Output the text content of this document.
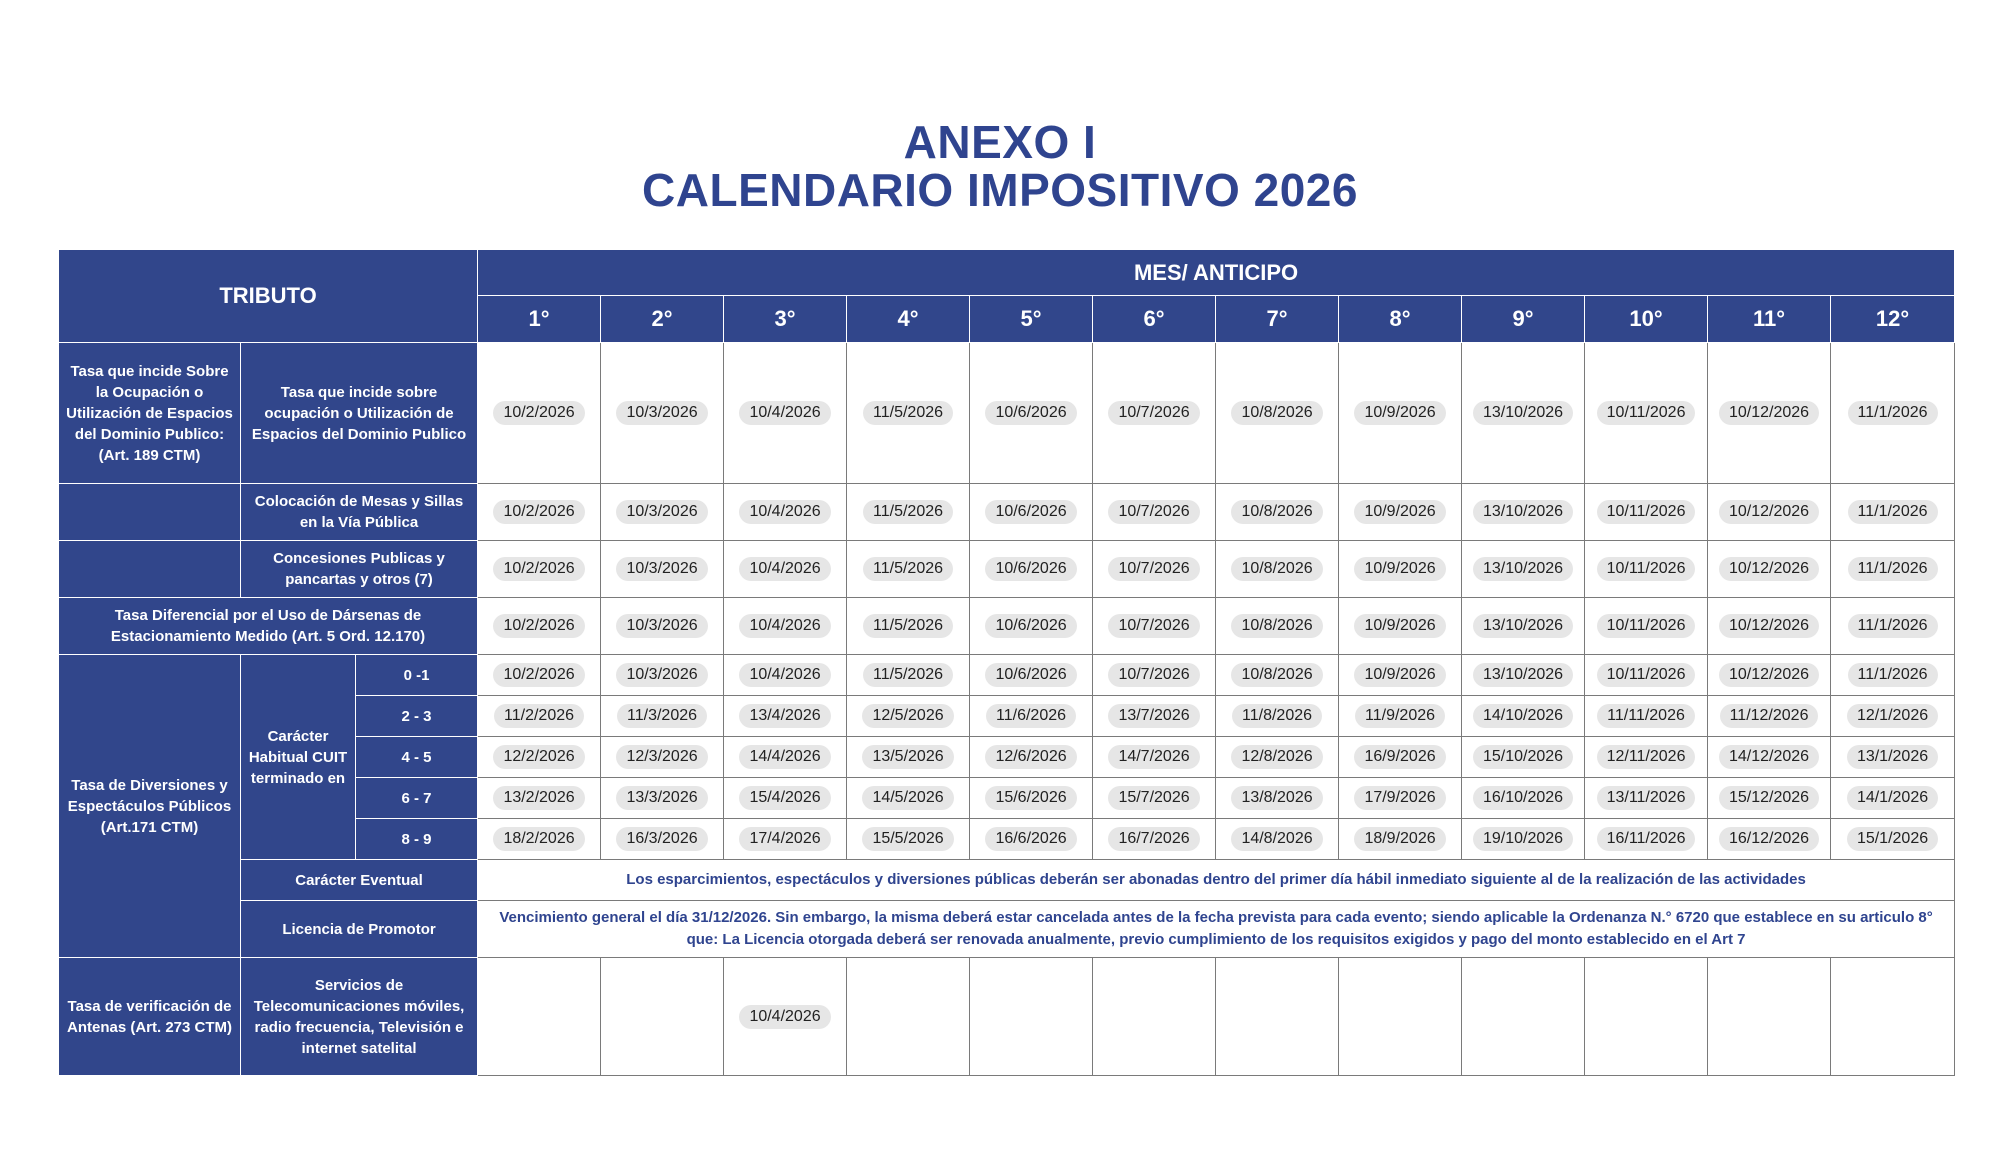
ANEXO I
CALENDARIO IMPOSITIVO 2026
TRIBUTO			MES/ ANTICIPO											
			1°	2°	3°	4°	5°	6°	7°	8°	9°	10°	11°	12°
Tasa que incide Sobre la Ocupación o Utilización de Espacios del Dominio Publico: (Art. 189 CTM)	Tasa que incide sobre ocupación o Utilización de Espacios del Dominio Publico		10/2/2026	10/3/2026	10/4/2026	11/5/2026	10/6/2026	10/7/2026	10/8/2026	10/9/2026	13/10/2026	10/11/2026	10/12/2026	11/1/2026
	Colocación de Mesas y Sillas en la Vía Pública		10/2/2026	10/3/2026	10/4/2026	11/5/2026	10/6/2026	10/7/2026	10/8/2026	10/9/2026	13/10/2026	10/11/2026	10/12/2026	11/1/2026
	Concesiones Publicas y pancartas y otros (7)		10/2/2026	10/3/2026	10/4/2026	11/5/2026	10/6/2026	10/7/2026	10/8/2026	10/9/2026	13/10/2026	10/11/2026	10/12/2026	11/1/2026
Tasa Diferencial por el Uso de Dársenas de Estacionamiento Medido (Art. 5 Ord. 12.170)			10/2/2026	10/3/2026	10/4/2026	11/5/2026	10/6/2026	10/7/2026	10/8/2026	10/9/2026	13/10/2026	10/11/2026	10/12/2026	11/1/2026
Tasa de Diversiones y Espectáculos Públicos (Art.171 CTM)	Carácter Habitual CUIT terminado en	0 -1	10/2/2026	10/3/2026	10/4/2026	11/5/2026	10/6/2026	10/7/2026	10/8/2026	10/9/2026	13/10/2026	10/11/2026	10/12/2026	11/1/2026
		2 - 3	11/2/2026	11/3/2026	13/4/2026	12/5/2026	11/6/2026	13/7/2026	11/8/2026	11/9/2026	14/10/2026	11/11/2026	11/12/2026	12/1/2026
		4 - 5	12/2/2026	12/3/2026	14/4/2026	13/5/2026	12/6/2026	14/7/2026	12/8/2026	16/9/2026	15/10/2026	12/11/2026	14/12/2026	13/1/2026
		6 - 7	13/2/2026	13/3/2026	15/4/2026	14/5/2026	15/6/2026	15/7/2026	13/8/2026	17/9/2026	16/10/2026	13/11/2026	15/12/2026	14/1/2026
		8 - 9	18/2/2026	16/3/2026	17/4/2026	15/5/2026	16/6/2026	16/7/2026	14/8/2026	18/9/2026	19/10/2026	16/11/2026	16/12/2026	15/1/2026
	Carácter Eventual		Los esparcimientos, espectáculos y diversiones públicas deberán ser abonadas dentro del primer día hábil inmediato siguiente al de la realización de las actividades											
	Licencia de Promotor		Vencimiento general el día 31/12/2026. Sin embargo, la misma deberá estar cancelada antes de la fecha prevista para cada evento; siendo aplicable la Ordenanza N.° 6720 que establece en su articulo 8° que: La Licencia otorgada deberá ser renovada anualmente, previo cumplimiento de los requisitos exigidos y pago del monto establecido en el Art 7											
Tasa de verificación de Antenas (Art. 273 CTM)	Servicios de Telecomunicaciones móviles, radio frecuencia, Televisión e internet satelital				10/4/2026									
